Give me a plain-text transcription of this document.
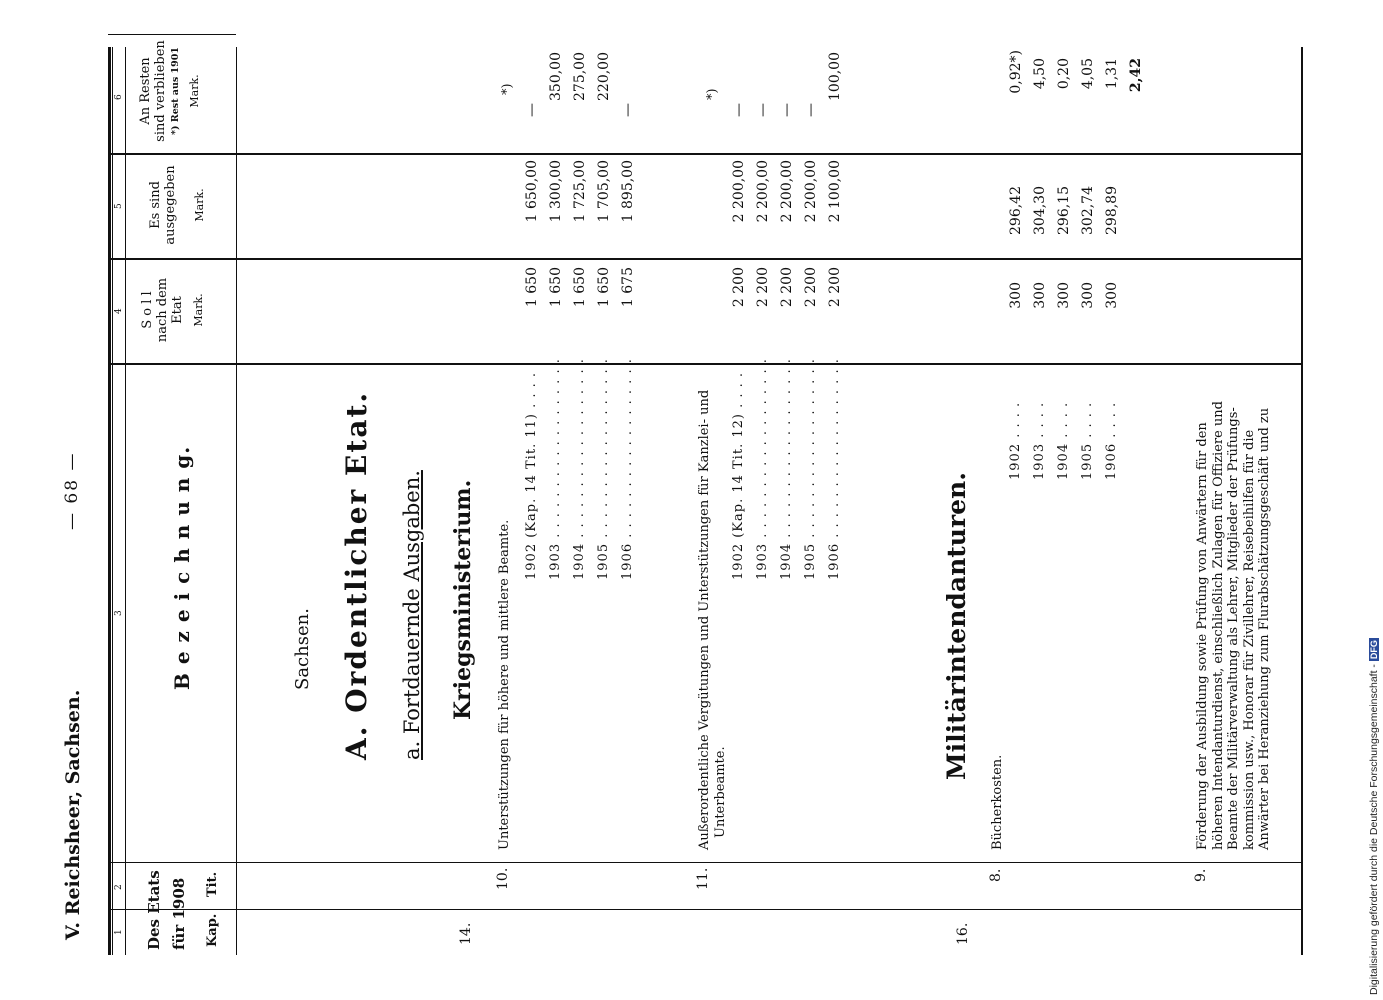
V. Reichsheer, Sachsen.
— 68 —
1
2
3
4
5
6
Des Etats für 1908 Kap.
Tit.
B e z e i c h n u n g.
S o l l nach dem Etat Mark.
Es sind ausgegeben Mark.
An Resten sind verblieben *) Rest aus 1901 Mark.
Sachsen. A. Ordentlicher Etat. a. Fortdauernde Ausgaben. Kriegsministerium.
14.
10.
Unterstützungen für höhere und mittlere Beamte.
*)
1902 (Kap. 14 Tit. 11) . . . .
1 650
1 650,00
—
1903 . . . . . . . . . . . . . . . . . .
1 650
1 300,00
350,00
1904 . . . . . . . . . . . . . . . . . .
1 650
1 725,00
275,00
1905 . . . . . . . . . . . . . . . . . .
1 650
1 705,00
220,00
1906 . . . . . . . . . . . . . . . . . .
1 675
1 895,00
—
11.
Außerordentliche Vergütungen und Unterstützungen für Kanzlei- und Unterbeamte.
*)
1902 (Kap. 14 Tit. 12) . . . .
2 200
2 200,00
—
1903 . . . . . . . . . . . . . . . . . .
2 200
2 200,00
—
1904 . . . . . . . . . . . . . . . . . .
2 200
2 200,00
—
1905 . . . . . . . . . . . . . . . . . .
2 200
2 200,00
—
1906 . . . . . . . . . . . . . . . . . .
2 200
2 100,00
100,00
Militärintendanturen.
16.
8.
Bücherkosten.
1902 . . . .
300
296,42
0,92*)
1903 . . . .
300
304,30
4,50
1904 . . . .
300
296,15
0,20
1905 . . . .
300
302,74
4,05
1906 . . . .
300
298,89
1,31 2,42
9.
Förderung der Ausbildung sowie Prüfung von Anwärtern für den höheren Intendanturdienst, einschließlich Zulagen für Offiziere und Beamte der Militärverwaltung als Lehrer, Mitglieder der Prüfungs- kommission usw., Honorar für Zivillehrer, Reisebeihilfen für die Anwärter bei Heranziehung zum Flurabschätzungsgeschäft und zu	Digitalisierung gefördert durch die Deutsche Forschungsgemeinschaft -DFG
